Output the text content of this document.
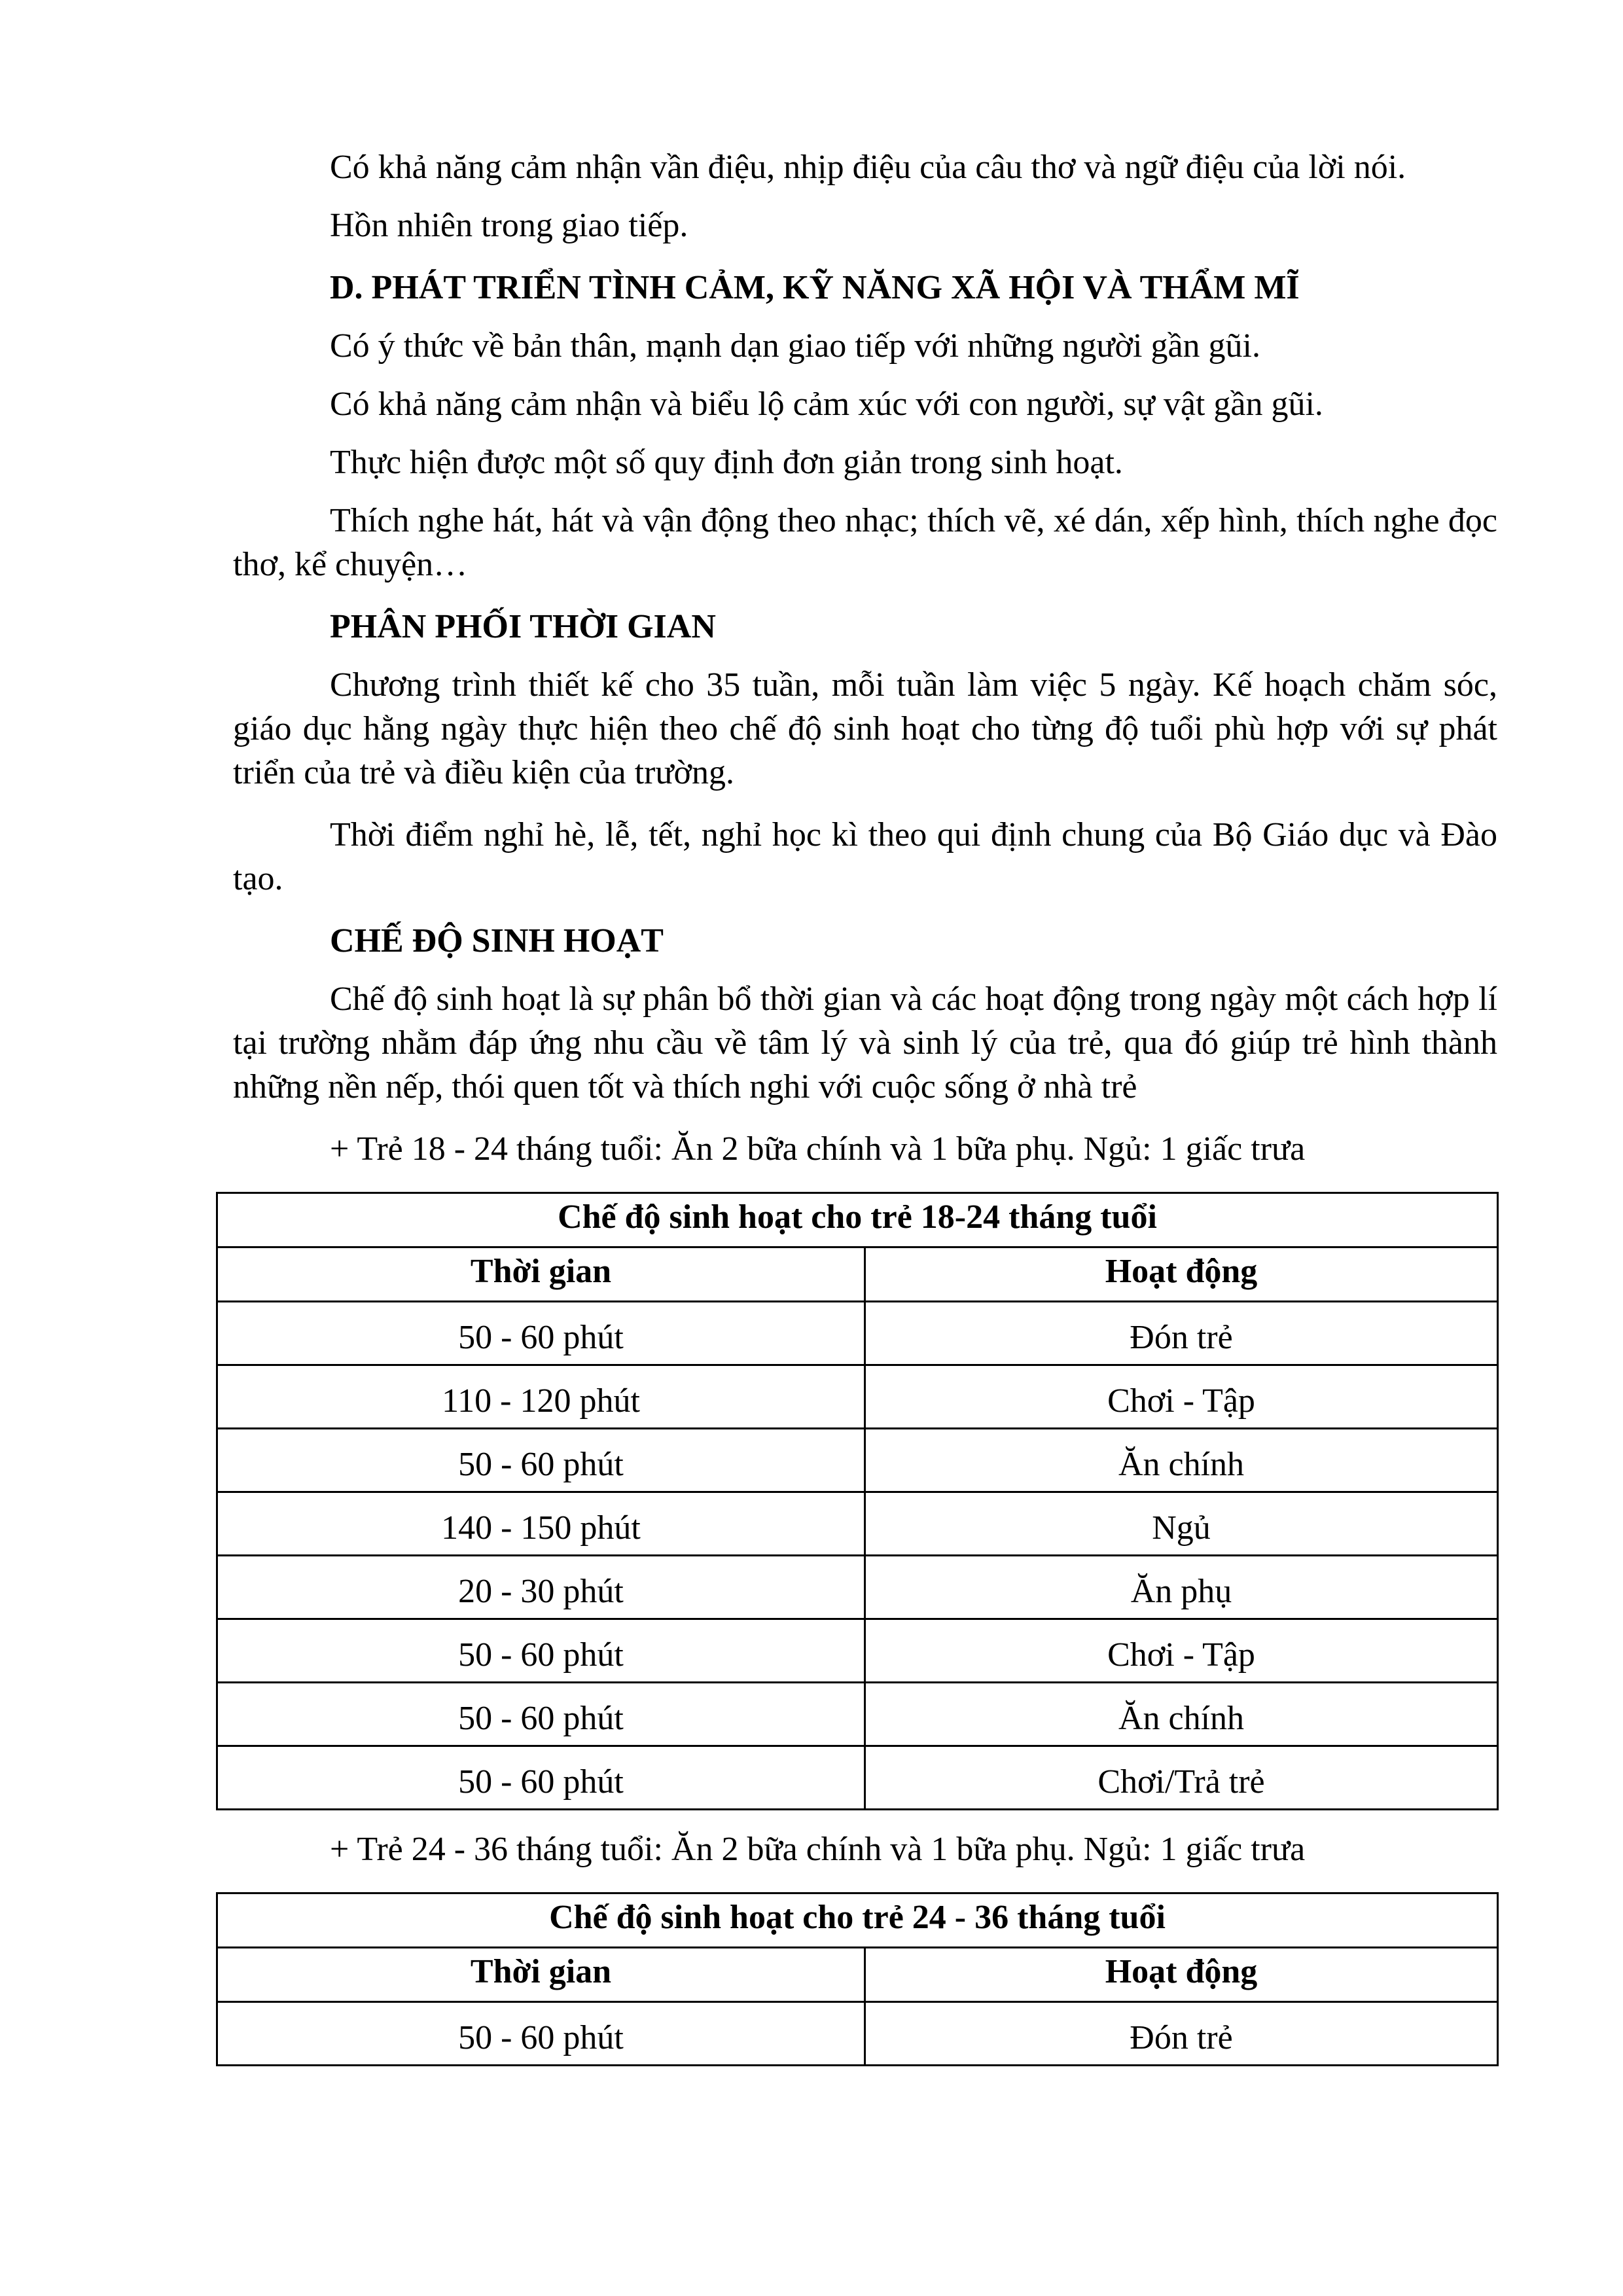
Có khả năng cảm nhận vần điệu, nhịp điệu của câu thơ và ngữ điệu của lời nói.

Hồn nhiên trong giao tiếp.

D. PHÁT TRIỂN TÌNH CẢM, KỸ NĂNG XÃ HỘI VÀ THẨM MĨ

Có ý thức về bản thân, mạnh dạn giao tiếp với những người gần gũi.

Có khả năng cảm nhận và biểu lộ cảm xúc với con người, sự vật gần gũi.

Thực hiện được một số quy định đơn giản trong sinh hoạt.

Thích nghe hát, hát và vận động theo nhạc; thích vẽ, xé dán, xếp hình, thích nghe đọc thơ, kể chuyện…

PHÂN PHỐI THỜI GIAN

Chương trình thiết kế cho 35 tuần, mỗi tuần làm việc 5 ngày. Kế hoạch chăm sóc, giáo dục hằng ngày thực hiện theo chế độ sinh hoạt cho từng độ tuổi phù hợp với sự phát triển của trẻ và điều kiện của trường.

Thời điểm nghỉ hè, lễ, tết, nghỉ học kì theo qui định chung của Bộ Giáo dục và Đào tạo.

CHẾ ĐỘ SINH HOẠT

Chế độ sinh hoạt là sự phân bổ thời gian và các hoạt động trong ngày một cách hợp lí tại trường nhằm đáp ứng nhu cầu về tâm lý và sinh lý của trẻ, qua đó giúp trẻ hình thành những nền nếp, thói quen tốt và thích nghi với cuộc sống ở nhà trẻ

+ Trẻ 18 - 24 tháng tuổi: Ăn 2 bữa chính và 1 bữa phụ. Ngủ: 1 giấc trưa

Chế độ sinh hoạt cho trẻ 18-24 tháng tuổi	
Thời gian	Hoạt động
50 - 60 phút	Đón trẻ
110 - 120 phút	Chơi - Tập
50 - 60 phút	Ăn chính
140 - 150 phút	Ngủ
20 - 30 phút	Ăn phụ
50 - 60 phút	Chơi - Tập
50 - 60 phút	Ăn chính
50 - 60 phút	Chơi/Trả trẻ

+ Trẻ 24 - 36 tháng tuổi: Ăn 2 bữa chính và 1 bữa phụ. Ngủ: 1 giấc trưa

Chế độ sinh hoạt cho trẻ 24 - 36 tháng tuổi	
Thời gian	Hoạt động
50 - 60 phút	Đón trẻ
